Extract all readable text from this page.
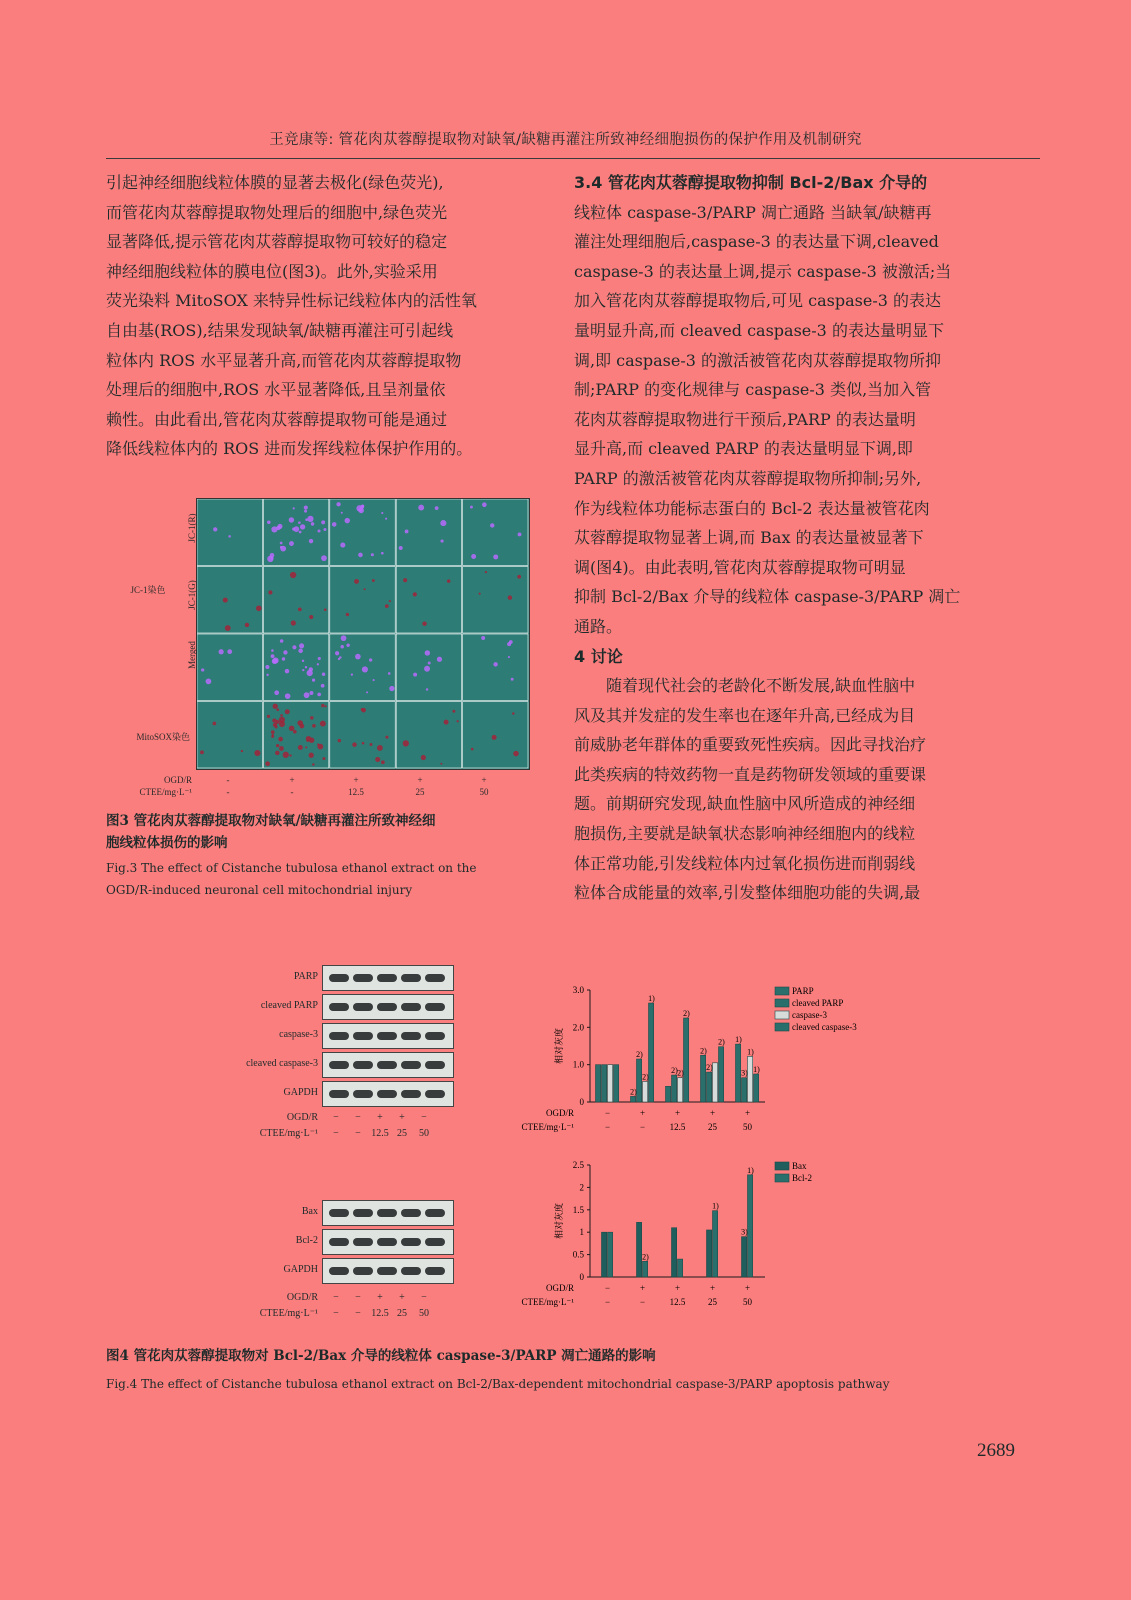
王竞康等: 管花肉苁蓉醇提取物对缺氧/缺糖再灌注所致神经细胞损伤的保护作用及机制研究

引起神经细胞线粒体膜的显著去极化(绿色荧光),

而管花肉苁蓉醇提取物处理后的细胞中,绿色荧光

显著降低,提示管花肉苁蓉醇提取物可较好的稳定

神经细胞线粒体的膜电位(图3)。此外,实验采用

荧光染料 MitoSOX 来特异性标记线粒体内的活性氧

自由基(ROS),结果发现缺氧/缺糖再灌注可引起线

粒体内 ROS 水平显著升高,而管花肉苁蓉醇提取物

处理后的细胞中,ROS 水平显著降低,且呈剂量依

赖性。由此看出,管花肉苁蓉醇提取物可能是通过

降低线粒体内的 ROS 进而发挥线粒体保护作用的。

3.4 管花肉苁蓉醇提取物抑制 Bcl-2/Bax 介导的

线粒体 caspase-3/PARP 凋亡通路 当缺氧/缺糖再

灌注处理细胞后,caspase-3 的表达量下调,cleaved

caspase-3 的表达量上调,提示 caspase-3 被激活;当

加入管花肉苁蓉醇提取物后,可见 caspase-3 的表达

量明显升高,而 cleaved caspase-3 的表达量明显下

调,即 caspase-3 的激活被管花肉苁蓉醇提取物所抑

制;PARP 的变化规律与 caspase-3 类似,当加入管

花肉苁蓉醇提取物进行干预后,PARP 的表达量明

显升高,而 cleaved PARP 的表达量明显下调,即

PARP 的激活被管花肉苁蓉醇提取物所抑制;另外,

作为线粒体功能标志蛋白的 Bcl-2 表达量被管花肉

苁蓉醇提取物显著上调,而 Bax 的表达量被显著下

调(图4)。由此表明,管花肉苁蓉醇提取物可明显

抑制 Bcl-2/Bax 介导的线粒体 caspase-3/PARP 凋亡

通路。

4 讨论

随着现代社会的老龄化不断发展,缺血性脑中

风及其并发症的发生率也在逐年升高,已经成为目

前威胁老年群体的重要致死性疾病。因此寻找治疗

此类疾病的特效药物一直是药物研发领域的重要课

题。前期研究发现,缺血性脑中风所造成的神经细

胞损伤,主要就是缺氧状态影响神经细胞内的线粒

体正常功能,引发线粒体内过氧化损伤进而削弱线

粒体合成能量的效率,引发整体细胞功能的失调,最

JC-1(R)
JC-1(G)
JC-1染色
Merged
MitoSOX染色
OGD/R
CTEE/mg·L⁻¹
-	+	+	+	+
-	-	12.5	25	50
图3 管花肉苁蓉醇提取物对缺氧/缺糖再灌注所致神经细
胞线粒体损伤的影响
Fig.3 The effect of Cistanche tubulosa ethanol extract on the
OGD/R-induced neuronal cell mitochondrial injury
PARP
cleaved PARP
caspase-3
cleaved caspase-3
GAPDH
Bax
Bcl-2
GAPDH
OGD/R	−	−	+	+	−
CTEE/mg·L⁻¹	−	−	12.5 25	50
OGD/R	−	−	+	+	−
CTEE/mg·L⁻¹	−	−	12.5 25	50
0
1.0
2.0
3.0
相对灰度
2)
2)
1)
2)
2)	2)
3)
2)	2)
1)
1)
2)
2)
1)
OGD/R
CTEE/mg·L⁻¹
−	+	+	+	+
−	−	12.5	25	50
PARP
cleaved PARP
caspase-3
cleaved caspase-3
0
0.5
1
1.5
2
2.5
相对灰度	3)
2)
1)
1)
OGD/R
CTEE/mg·L⁻¹
−	+	+	+	+
−	−	12.5	25	50
Bax
Bcl-2
图4 管花肉苁蓉醇提取物对 Bcl-2/Bax 介导的线粒体 caspase-3/PARP 凋亡通路的影响
Fig.4 The effect of Cistanche tubulosa ethanol extract on Bcl-2/Bax-dependent mitochondrial caspase-3/PARP apoptosis pathway
2689
